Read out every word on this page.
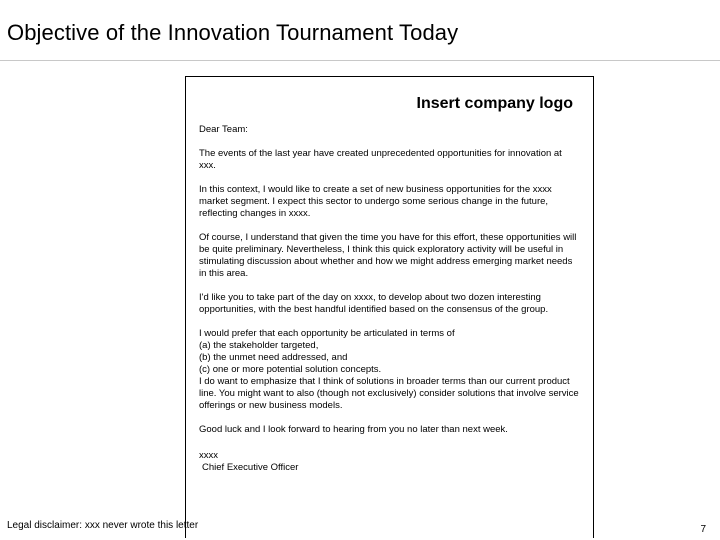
Objective of the Innovation Tournament Today
Insert company logo

Dear Team:

The events of the last year have created unprecedented opportunities for innovation at xxx.

In this context, I would like to create a set of new business opportunities for the xxxx market segment. I expect this sector to undergo some serious change in the future, reflecting changes in xxxx.

Of course, I understand that given the time you have for this effort, these opportunities will be quite preliminary. Nevertheless, I think this quick exploratory activity will be useful in stimulating discussion about whether and how we might address emerging market needs in this area.

I'd like you to take part of the day on xxxx, to develop about two dozen interesting opportunities, with the best handful identified based on the consensus of the group.

I would prefer that each opportunity be articulated in terms of
(a) the stakeholder targeted,
(b) the unmet need addressed, and
(c) one or more potential solution concepts.
I do want to emphasize that I think of solutions in broader terms than our current product line. You might want to also (though not exclusively) consider solutions that involve service offerings or new business models.

Good luck and I look forward to hearing from you no later than next week.

xxxx
Chief Executive Officer
Legal disclaimer: xxx never wrote this letter	7
